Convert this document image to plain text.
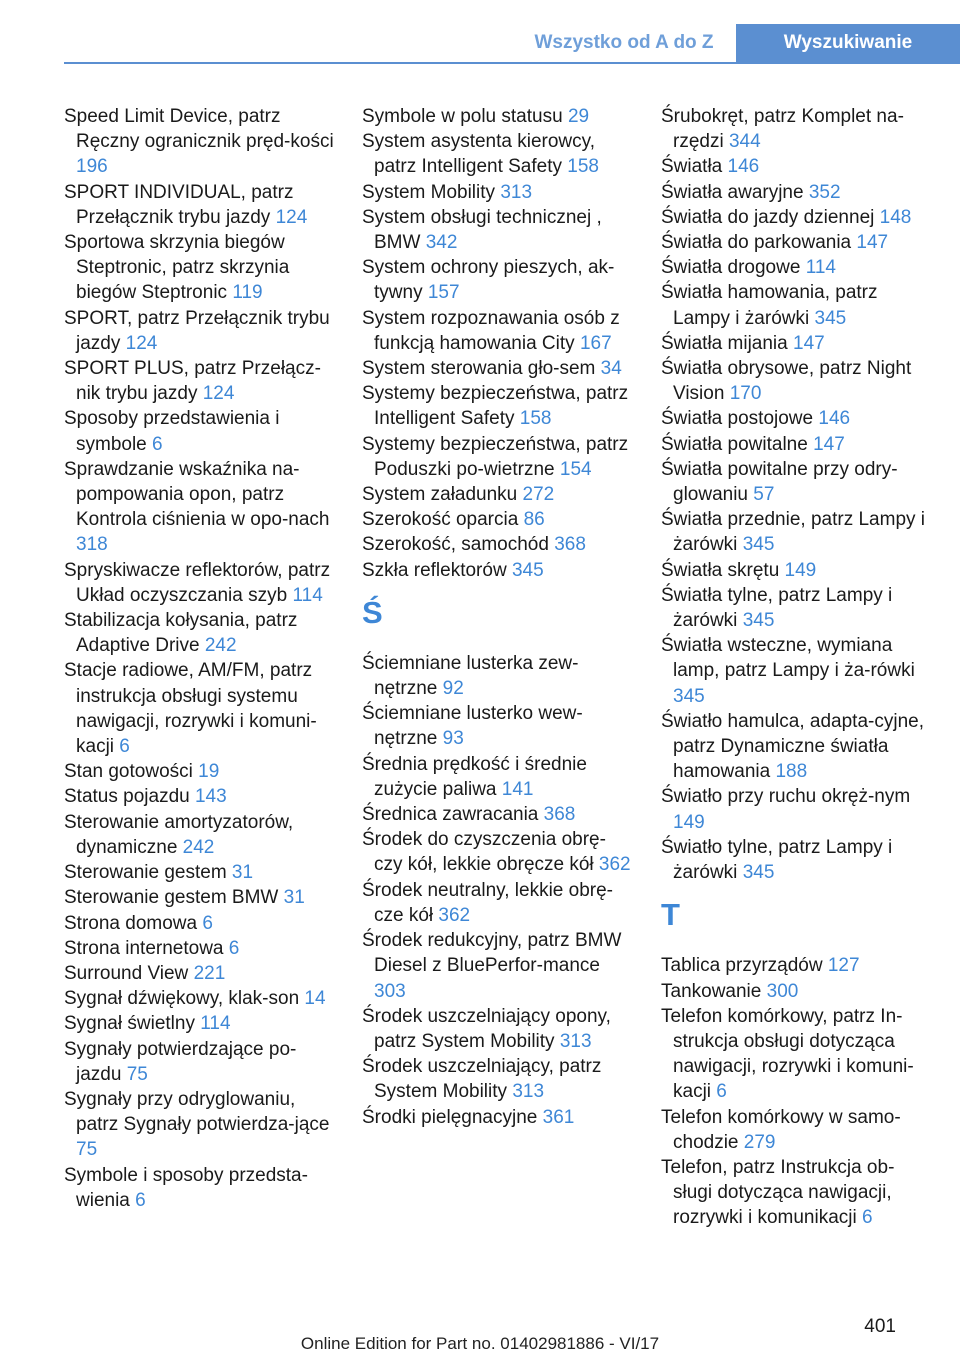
Wszystko od A do Z	Wyszukiwanie
Speed Limit Device, patrz Ręczny ogranicznik pręd‐kości 196
SPORT INDIVIDUAL, patrz Przełącznik trybu jazdy 124
Sportowa skrzynia biegów Steptronic, patrz skrzynia biegów Steptronic 119
SPORT, patrz Przełącznik trybu jazdy 124
SPORT PLUS, patrz Przełącz‐nik trybu jazdy 124
Sposoby przedstawienia i symbole 6
Sprawdzanie wskaźnika na‐pompowania opon, patrz Kontrola ciśnienia w opo‐nach 318
Spryskiwacze reflektorów, patrz Układ oczyszczania szyb 114
Stabilizacja kołysania, patrz Adaptive Drive 242
Stacje radiowe, AM/FM, patrz instrukcja obsługi systemu nawigacji, rozrywki i komuni‐kacji 6
Stan gotowości 19
Status pojazdu 143
Sterowanie amortyzatorów, dynamiczne 242
Sterowanie gestem 31
Sterowanie gestem BMW 31
Strona domowa 6
Strona internetowa 6
Surround View 221
Sygnał dźwiękowy, klak‐son 14
Sygnał świetlny 114
Sygnały potwierdzające po‐jazdu 75
Sygnały przy odryglowaniu, patrz Sygnały potwierdza‐jące 75
Symbole i sposoby przedsta‐wienia 6
Symbole w polu statusu 29
System asystenta kierowcy, patrz Intelligent Safety 158
System Mobility 313
System obsługi technicznej , BMW 342
System ochrony pieszych, ak‐tywny 157
System rozpoznawania osób z funkcją hamowania City 167
System sterowania gło‐sem 34
Systemy bezpieczeństwa, patrz Intelligent Safety 158
Systemy bezpieczeństwa, patrz Poduszki po‐wietrzne 154
System załadunku 272
Szerokość oparcia 86
Szerokość, samochód 368
Szkła reflektorów 345
Ś
Ściemniane lusterka zew‐nętrzne 92
Ściemniane lusterko wew‐nętrzne 93
Średnia prędkość i średnie zużycie paliwa 141
Średnica zawracania 368
Środek do czyszczenia obrę‐czy kół, lekkie obręcze kół 362
Środek neutralny, lekkie obrę‐cze kół 362
Środek redukcyjny, patrz BMW Diesel z BluePerfor‐mance 303
Środek uszczelniający opony, patrz System Mobility 313
Środek uszczelniający, patrz System Mobility 313
Środki pielęgnacyjne 361
Śrubokręt, patrz Komplet na‐rzędzi 344
Światła 146
Światła awaryjne 352
Światła do jazdy dziennej 148
Światła do parkowania 147
Światła drogowe 114
Światła hamowania, patrz Lampy i żarówki 345
Światła mijania 147
Światła obrysowe, patrz Night Vision 170
Światła postojowe 146
Światła powitalne 147
Światła powitalne przy odry‐glowaniu 57
Światła przednie, patrz Lampy i żarówki 345
Światła skrętu 149
Światła tylne, patrz Lampy i żarówki 345
Światła wsteczne, wymiana lamp, patrz Lampy i ża‐rówki 345
Światło hamulca, adapta‐cyjne, patrz Dynamiczne światła hamowania 188
Światło przy ruchu okręż‐nym 149
Światło tylne, patrz Lampy i żarówki 345
T
Tablica przyrządów 127
Tankowanie 300
Telefon komórkowy, patrz In‐strukcja obsługi dotycząca nawigacji, rozrywki i komuni‐kacji 6
Telefon komórkowy w samo‐chodzie 279
Telefon, patrz Instrukcja ob‐sługi dotycząca nawigacji, rozrywki i komunikacji 6
401
Online Edition for Part no. 01402981886 - VI/17
